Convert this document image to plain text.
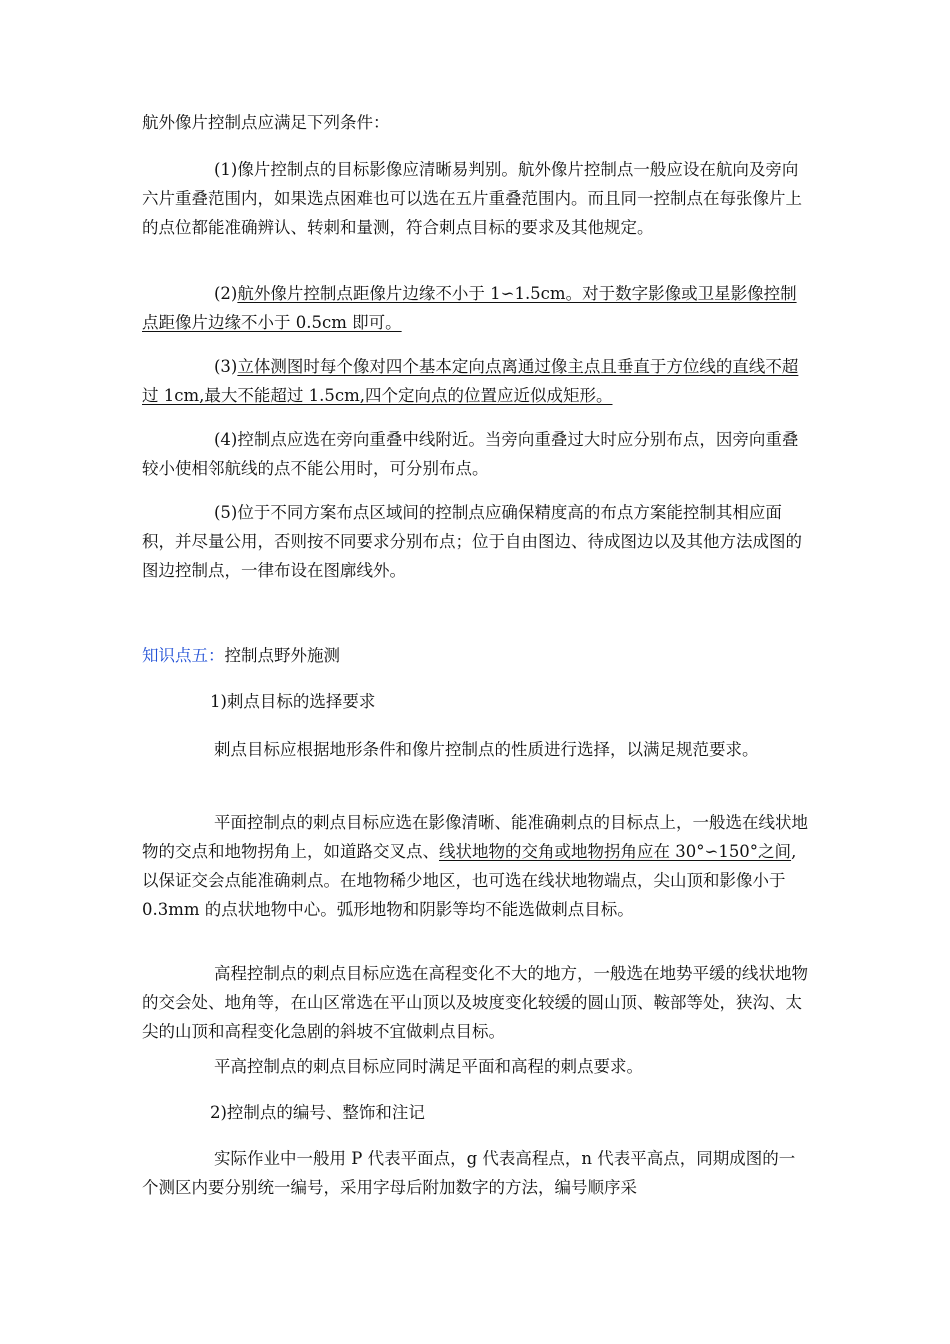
航外像片控制点应满足下列条件：

(1)像片控制点的目标影像应清晰易判别。航外像片控制点一般应设在航向及旁向六片重叠范围内，如果选点困难也可以选在五片重叠范围内。而且同一控制点在每张像片上的点位都能准确辨认、转刺和量测，符合刺点目标的要求及其他规定。

(2)航外像片控制点距像片边缘不小于 1∽1.5cm。对于数字影像或卫星影像控制点距像片边缘不小于 0.5cm 即可。

(3)立体测图时每个像对四个基本定向点离通过像主点且垂直于方位线的直线不超过 1cm,最大不能超过 1.5cm,四个定向点的位置应近似成矩形。

(4)控制点应选在旁向重叠中线附近。当旁向重叠过大时应分别布点，因旁向重叠较小使相邻航线的点不能公用时，可分别布点。

(5)位于不同方案布点区域间的控制点应确保精度高的布点方案能控制其相应面积，并尽量公用，否则按不同要求分别布点；位于自由图边、待成图边以及其他方法成图的图边控制点，一律布设在图廓线外。

知识点五：控制点野外施测

1)刺点目标的选择要求

刺点目标应根据地形条件和像片控制点的性质进行选择，以满足规范要求。

平面控制点的刺点目标应选在影像清晰、能准确刺点的目标点上，一般选在线状地物的交点和地物拐角上，如道路交叉点、线状地物的交角或地物拐角应在 30°∽150°之间,以保证交会点能准确刺点。在地物稀少地区，也可选在线状地物端点，尖山顶和影像小于 0.3mm 的点状地物中心。弧形地物和阴影等均不能选做刺点目标。

高程控制点的刺点目标应选在高程变化不大的地方，一般选在地势平缓的线状地物的交会处、地角等，在山区常选在平山顶以及坡度变化较缓的圆山顶、鞍部等处，狭沟、太尖的山顶和高程变化急剧的斜坡不宜做刺点目标。

平高控制点的刺点目标应同时满足平面和高程的刺点要求。

2)控制点的编号、整饰和注记

实际作业中一般用 P 代表平面点，g 代表高程点，n 代表平高点，同期成图的一个测区内要分别统一编号，采用字母后附加数字的方法，编号顺序采
